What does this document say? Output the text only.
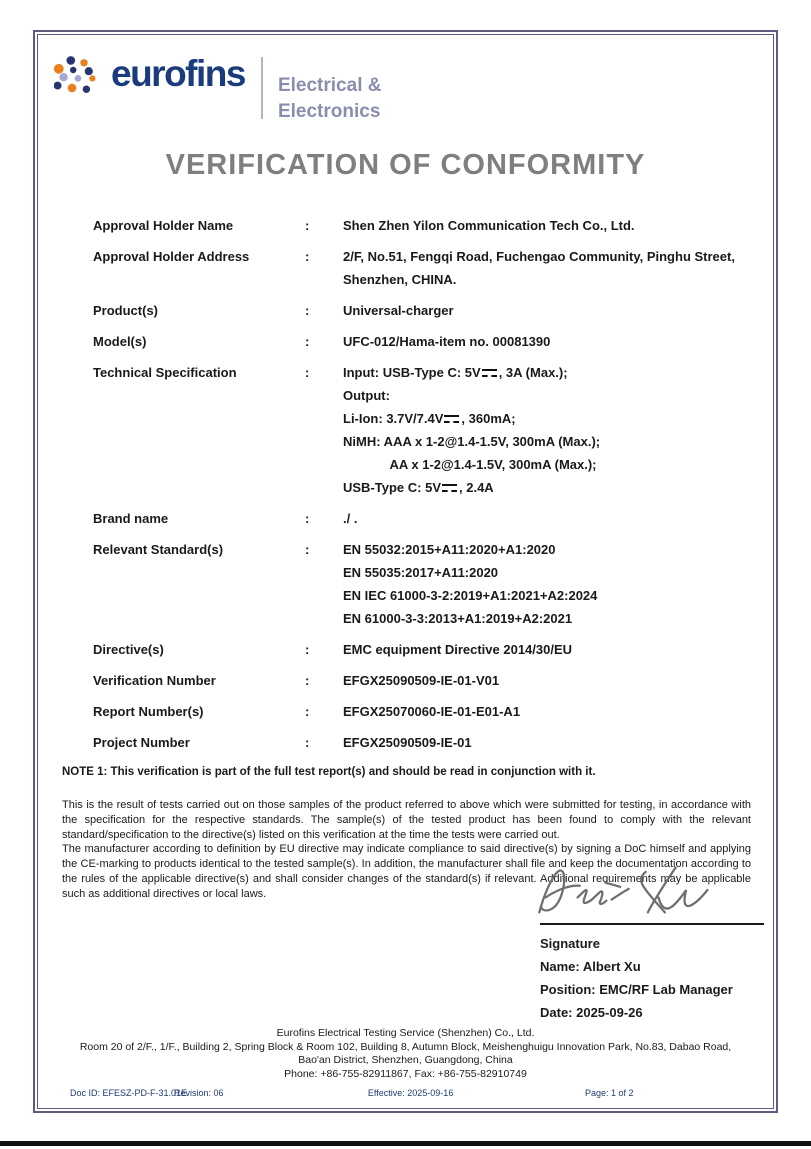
eurofins Electrical &
Electronics
VERIFICATION OF CONFORMITY
Approval Holder Name	:	Shen Zhen Yilon Communication Tech Co., Ltd.
Approval Holder Address	:	2/F, No.51, Fengqi Road, Fuchengao Community, Pinghu Street,
Shenzhen, CHINA.
Product(s)	:	Universal-charger
Model(s)	:	UFC-012/Hama-item no. 00081390
Technical Specification	:	Input: USB-Type C: 5V , 3A (Max.);
Output:
Li-Ion: 3.7V/7.4V , 360mA;
NiMH: AAA x 1-2@1.4-1.5V, 300mA (Max.);
AA x 1-2@1.4-1.5V, 300mA (Max.);
USB-Type C: 5V , 2.4A
Brand name	:	./ .
Relevant Standard(s)	:	EN 55032:2015+A11:2020+A1:2020
EN 55035:2017+A11:2020
EN IEC 61000-3-2:2019+A1:2021+A2:2024
EN 61000-3-3:2013+A1:2019+A2:2021
Directive(s)	:	EMC equipment Directive 2014/30/EU
Verification Number	:	EFGX25090509-IE-01-V01
Report Number(s)	:	EFGX25070060-IE-01-E01-A1
Project Number	:	EFGX25090509-IE-01
NOTE 1: This verification is part of the full test report(s) and should be read in conjunction with it.

This is the result of tests carried out on those samples of the product referred to above which were submitted for testing, in accordance with the specification for the respective standards. The sample(s) of the tested product has been found to comply with the relevant standard/specification to the directive(s) listed on this verification at the time the tests were carried out.

The manufacturer according to definition by EU directive may indicate compliance to said directive(s) by signing a DoC himself and applying the CE-marking to products identical to the tested sample(s). In addition, the manufacturer shall file and keep the documentation according to the rules of the applicable directive(s) and shall consider changes of the standard(s) if relevant. Additional requirements may be applicable such as additional directives or local laws.

Signature
Name: Albert Xu
Position: EMC/RF Lab Manager
Date: 2025-09-26
Eurofins Electrical Testing Service (Shenzhen) Co., Ltd.
Room 20 of 2/F., 1/F., Building 2, Spring Block & Room 102, Building 8, Autumn Block, Meishenghuigu Innovation Park, No.83, Dabao Road,
Bao'an District, Shenzhen, Guangdong, China
Phone: +86-755-82911867, Fax: +86-755-82910749
Doc ID: EFESZ-PD-F-31.01E
Revision: 06	Effective: 2025-09-16	Page: 1 of 2
